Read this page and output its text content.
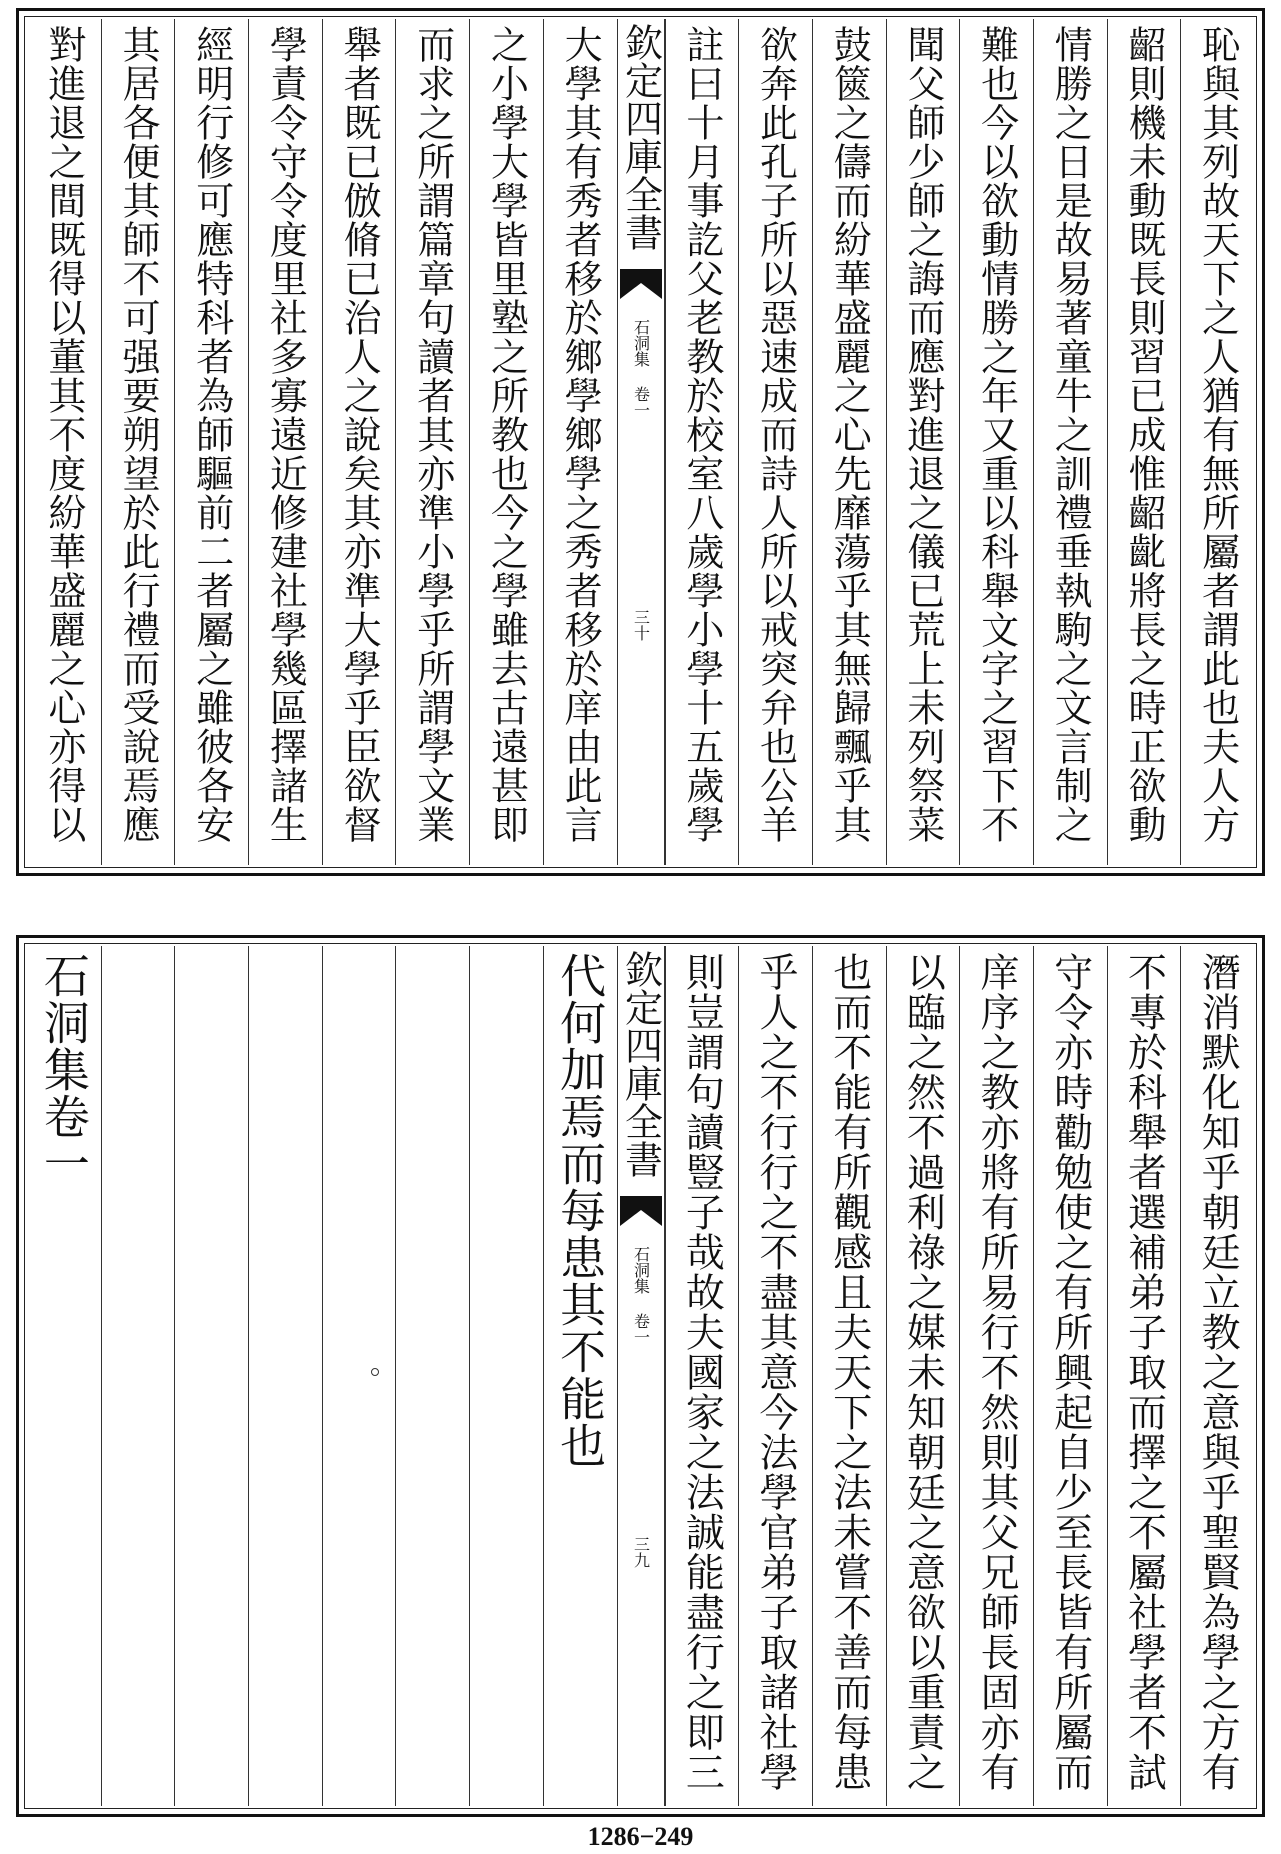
恥與其列故天下之人猶有無所屬者謂此也夫人方
齠則機未動既長則習已成惟齠齔將長之時正欲動
情勝之日是故易著童牛之訓禮垂執駒之文言制之
難也今以欲動情勝之年又重以科舉文字之習下不
聞父師少師之誨而應對進退之儀已荒上未列祭菜
鼓篋之儔而紛華盛麗之心先靡蕩乎其無歸飄乎其
欲奔此孔子所以惡速成而詩人所以戒突弁也公羊
註曰十月事訖父老教於校室八歲學小學十五歲學
欽定四庫全書
石洞集 卷一
三十
大學其有秀者移於鄉學鄉學之秀者移於庠由此言
之小學大學皆里塾之所教也今之學雖去古遠甚即
而求之所謂篇章句讀者其亦準小學乎所謂學文業
舉者既已倣脩已治人之說矣其亦準大學乎臣欲督
學責令守令度里社多寡遠近修建社學幾區擇諸生
經明行修可應特科者為師驅前二者屬之雖彼各安
其居各便其師不可强要朔望於此行禮而受說焉應
對進退之間既得以董其不度紛華盛麗之心亦得以
潛消默化知乎朝廷立教之意與乎聖賢為學之方有
不專於科舉者選補弟子取而擇之不屬社學者不試
守令亦時勸勉使之有所興起自少至長皆有所屬而
庠序之教亦將有所易行不然則其父兄師長固亦有
以臨之然不過利祿之媒未知朝廷之意欲以重責之
也而不能有所觀感且夫天下之法未嘗不善而每患
乎人之不行行之不盡其意今法學官弟子取諸社學
則豈謂句讀豎子哉故夫國家之法誠能盡行之即三
欽定四庫全書
石洞集 卷一
三九
代何加焉而每患其不能也
石洞集卷一
1286−249
